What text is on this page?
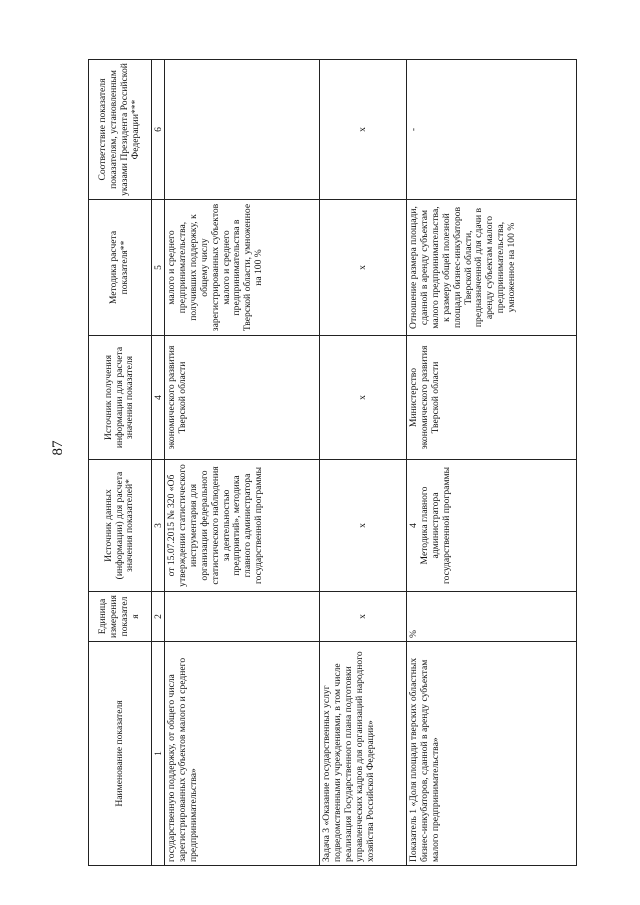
87
Наименование показателя	Единица измерения показателя	Источник данных (информации) для расчета значения показателей*	Источник получения информации для расчета значения показателя	Методика расчета показателя**	Соответствие показателя показателям, установленным указами Президента Российской Федерации***
1	2	3	4	5	6
государственную поддержку, от общего числа зарегистрированных субъектов малого и среднего предпринимательства»		от 15.07.2015 № 320 «Об утверждении статистического инструментария для организации федерального статистического наблюдения за деятельностью предприятий», методика главного администратора государственной программы	экономического развития Тверской области	малого и среднего предпринимательства, получивших поддержку, к общему числу зарегистрированных субъектов малого и среднего предпринимательства в Тверской области, умноженное на 100 %	
Задача 3 «Оказание государственных услуг подведомственными учреждениями, в том числе реализация Государственного плана подготовки управленческих кадров для организаций народного хозяйства Российской Федерации»	х	х	х	х	х
Показатель 1 «Доля площади тверских областных бизнес-инкубаторов, сданной в аренду субъектам малого предпринимательства»	%	4 Методика главного администратора государственной программы	Министерство экономического развития Тверской области	Отношение размера площади, сданной в аренду субъектам малого предпринимательства, к размеру общей полезной площади бизнес-инкубаторов Тверской области, предназначенной для сдачи в аренду субъектам малого предпринимательства, умноженное на 100 %	-
